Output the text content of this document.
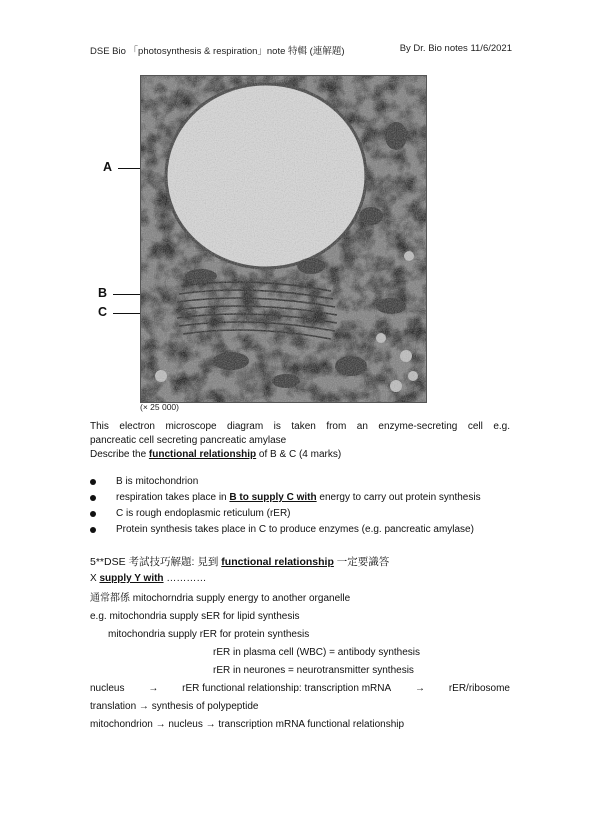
DSE Bio 「photosynthesis & respiration」note 特輯 (連解題)	By Dr. Bio notes 11/6/2021
A
B
C
(× 25 000)
This electron microscope diagram is taken from an enzyme-secreting cell e.g.
pancreatic cell secreting pancreatic amylase
Describe the functional relationship of B & C (4 marks)
B is mitochondrion
respiration takes place in B to supply C with energy to carry out protein synthesis
C is rough endoplasmic reticulum (rER)
Protein synthesis takes place in C to produce enzymes (e.g. pancreatic amylase)
5**DSE 考試技巧解題: 見到 functional relationship 一定要識答
X supply Y with …………
通常都係 mitochorndria supply energy to another organelle
e.g. mitochondria supply sER for lipid synthesis
mitochondria supply rER for protein synthesis
rER in plasma cell (WBC) = antibody synthesis
rER in neurones = neurotransmitter synthesis
nucleus → rER functional relationship: transcription mRNA → rER/ribosome
translation → synthesis of polypeptide
mitochondrion → nucleus → transcription mRNA functional relationship
